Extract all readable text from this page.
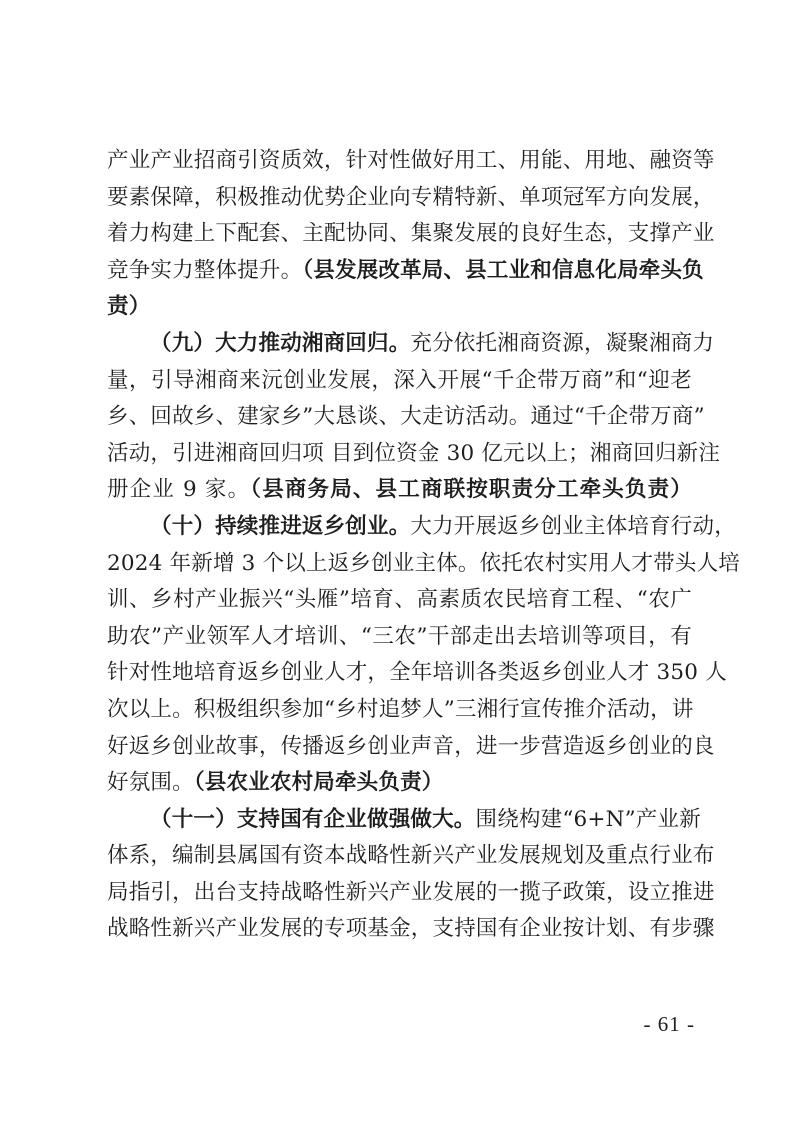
产业产业招商引资质效，针对性做好用工、用能、用地、融资等
要素保障，积极推动优势企业向专精特新、单项冠军方向发展，
着力构建上下配套、主配协同、集聚发展的良好生态，支撑产业
竞争实力整体提升。（县发展改革局、县工业和信息化局牵头负
责）
（九）大力推动湘商回归。充分依托湘商资源，凝聚湘商力
量，引导湘商来沅创业发展，深入开展“千企带万商”和“迎老
乡、回故乡、建家乡”大恳谈、大走访活动。通过“千企带万商”
活动，引进湘商回归项 目到位资金 30 亿元以上；湘商回归新注
册企业 9 家。（县商务局、县工商联按职责分工牵头负责）
（十）持续推进返乡创业。大力开展返乡创业主体培育行动，
2024 年新增 3 个以上返乡创业主体。依托农村实用人才带头人培
训、乡村产业振兴“头雁”培育、高素质农民培育工程、“农广
助农”产业领军人才培训、“三农”干部走出去培训等项目，有
针对性地培育返乡创业人才，全年培训各类返乡创业人才 350 人
次以上。积极组织参加“乡村追梦人”三湘行宣传推介活动，讲
好返乡创业故事，传播返乡创业声音，进一步营造返乡创业的良
好氛围。（县农业农村局牵头负责）
（十一）支持国有企业做强做大。围绕构建“6+N”产业新
体系，编制县属国有资本战略性新兴产业发展规划及重点行业布
局指引，出台支持战略性新兴产业发展的一揽子政策，设立推进
战略性新兴产业发展的专项基金，支持国有企业按计划、有步骤
- 61 -
